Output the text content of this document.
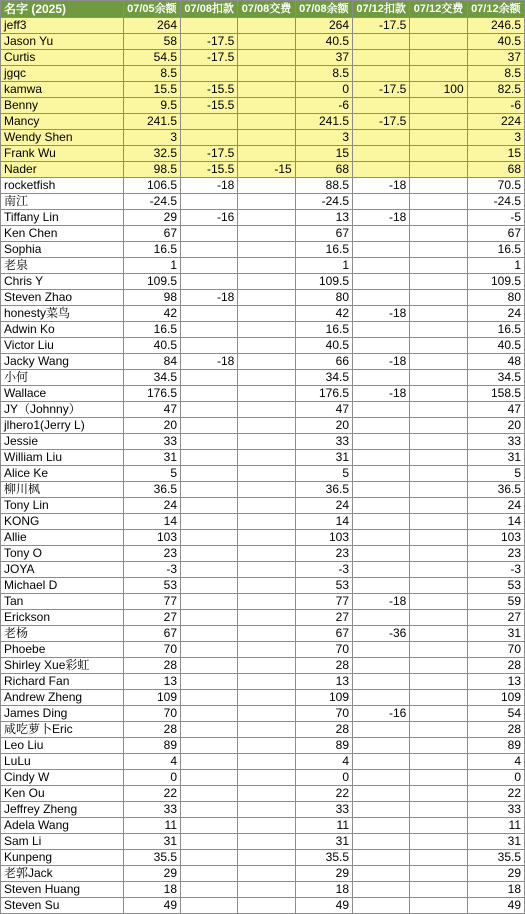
名字 (2025)	07/05余额	07/08扣款	07/08交费	07/08余额	07/12扣款	07/12交费	07/12余额
jeff3	264			264	-17.5		246.5
Jason Yu	58	-17.5		40.5			40.5
Curtis	54.5	-17.5		37			37
jgqc	8.5			8.5			8.5
kamwa	15.5	-15.5		0	-17.5	100	82.5
Benny	9.5	-15.5		-6			-6
Mancy	241.5			241.5	-17.5		224
Wendy Shen	3			3			3
Frank Wu	32.5	-17.5		15			15
Nader	98.5	-15.5	-15	68			68
rocketfish	106.5	-18		88.5	-18		70.5
南江	-24.5			-24.5			-24.5
Tiffany Lin	29	-16		13	-18		-5
Ken Chen	67			67			67
Sophia	16.5			16.5			16.5
老泉	1			1			1
Chris Y	109.5			109.5			109.5
Steven Zhao	98	-18		80			80
honesty菜鸟	42			42	-18		24
Adwin Ko	16.5			16.5			16.5
Victor Liu	40.5			40.5			40.5
Jacky Wang	84	-18		66	-18		48
小何	34.5			34.5			34.5
Wallace	176.5			176.5	-18		158.5
JY（Johnny）	47			47			47
jlhero1(Jerry L)	20			20			20
Jessie	33			33			33
William Liu	31			31			31
Alice Ke	5			5			5
柳川枫	36.5			36.5			36.5
Tony Lin	24			24			24
KONG	14			14			14
Allie	103			103			103
Tony O	23			23			23
JOYA	-3			-3			-3
Michael D	53			53			53
Tan	77			77	-18		59
Erickson	27			27			27
老杨	67			67	-36		31
Phoebe	70			70			70
Shirley Xue彩虹	28			28			28
Richard Fan	13			13			13
Andrew Zheng	109			109			109
James Ding	70			70	-16		54
咸吃萝卜Eric	28			28			28
Leo Liu	89			89			89
LuLu	4			4			4
Cindy W	0			0			0
Ken Ou	22			22			22
Jeffrey Zheng	33			33			33
Adela Wang	11			11			11
Sam Li	31			31			31
Kunpeng	35.5			35.5			35.5
老郭Jack	29			29			29
Steven Huang	18			18			18
Steven Su	49			49			49
